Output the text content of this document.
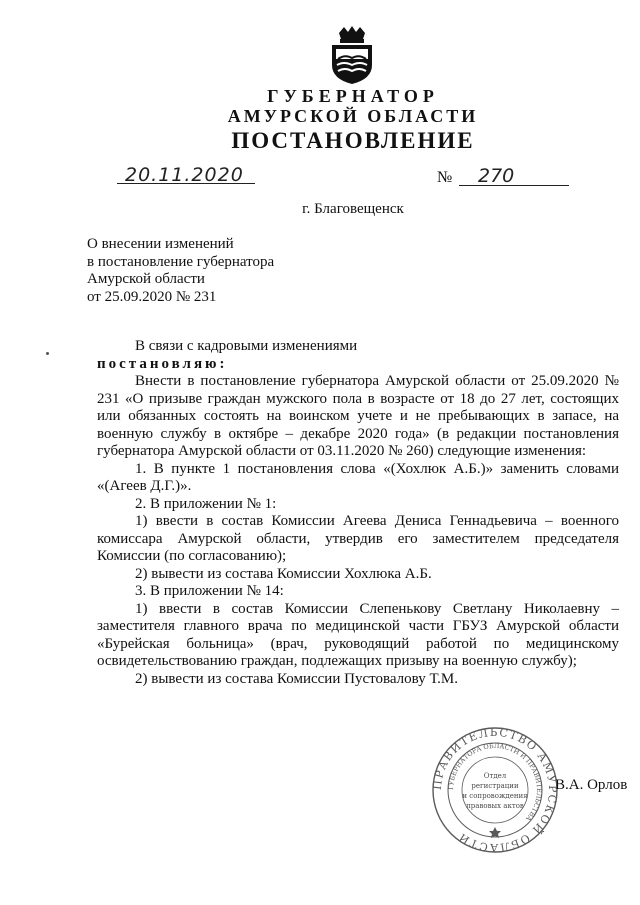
ГУБЕРНАТОР
АМУРСКОЙ ОБЛАСТИ
ПОСТАНОВЛЕНИЕ
20.11.2020	№ 270
г. Благовещенск
О внесении изменений
в постановление губернатора
Амурской области
от 25.09.2020 № 231

В связи с кадровыми изменениями

постановляю:

Внести в постановление губернатора Амурской области от 25.09.2020 № 231 «О призыве граждан мужского пола в возрасте от 18 до 27 лет, состоящих или обязанных состоять на воинском учете и не пребывающих в запасе, на военную службу в октябре – декабре 2020 года» (в редакции постановления губернатора Амурской области от 03.11.2020 № 260) следующие изменения:

1. В пункте 1 постановления слова «(Хохлюк А.Б.)» заменить словами «(Агеев Д.Г.)».

2. В приложении № 1:

1) ввести в состав Комиссии Агеева Дениса Геннадьевича – военного комиссара Амурской области, утвердив его заместителем председателя Комиссии (по согласованию);

2) вывести из состава Комиссии Хохлюка А.Б.

3. В приложении № 14:

1) ввести в состав Комиссии Слепенькову Светлану Николаевну – заместителя главного врача по медицинской части ГБУЗ Амурской области «Бурейская больница» (врач, руководящий работой по медицинскому освидетельствованию граждан, подлежащих призыву на военную службу);

2) вывести из состава Комиссии Пустовалову Т.М.

ПРАВИТЕЛЬСТВО АМУРСКОЙ ОБЛАСТИ
ГУБЕРНАТОРА ОБЛАСТИ И ПРАВИТЕЛЬСТВА
Отдел
регистрации
и сопровождения
правовых актов
В.А. Орлов
